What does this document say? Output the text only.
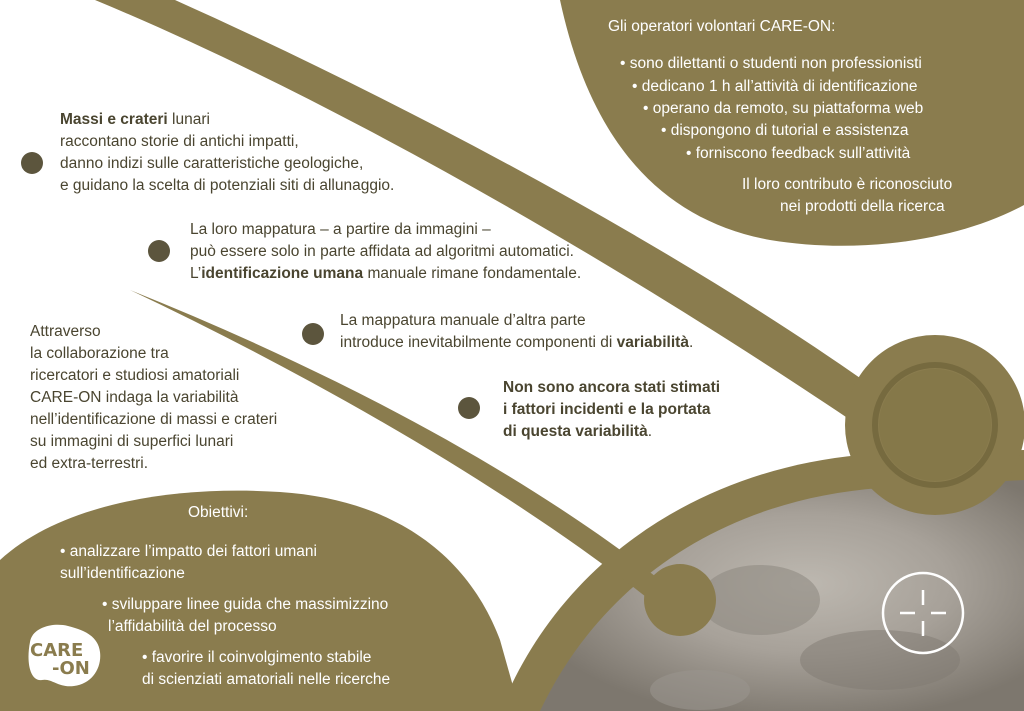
Massi e crateri lunari
raccontano storie di antichi impatti,
danno indizi sulle caratteristiche geologiche,
e guidano la scelta di potenziali siti di allunaggio.
La loro mappatura – a partire da immagini –
può essere solo in parte affidata ad algoritmi automatici.
L’identificazione umana manuale rimane fondamentale.
La mappatura manuale d’altra parte
introduce inevitabilmente componenti di variabilità.
Non sono ancora stati stimati
i fattori incidenti e la portata
di questa variabilità.
Attraverso
la collaborazione tra
ricercatori e studiosi amatoriali
CARE-ON indaga la variabilità
nell’identificazione di massi e crateri
su immagini di superfici lunari
ed extra-terrestri.
Gli operatori volontari CARE-ON:
• sono dilettanti o studenti non professionisti
• dedicano 1 h all’attività di identificazione
• operano da remoto, su piattaforma web
• dispongono di tutorial e assistenza
• forniscono feedback sull’attività
Il loro contributo è riconosciuto
nei prodotti della ricerca
Obiettivi:
• analizzare l’impatto dei fattori umani
sull’identificazione
• sviluppare linee guida che massimizzino
l’affidabilità del processo
• favorire il coinvolgimento stabile
di scienziati amatoriali nelle ricerche
CARE
-ON
